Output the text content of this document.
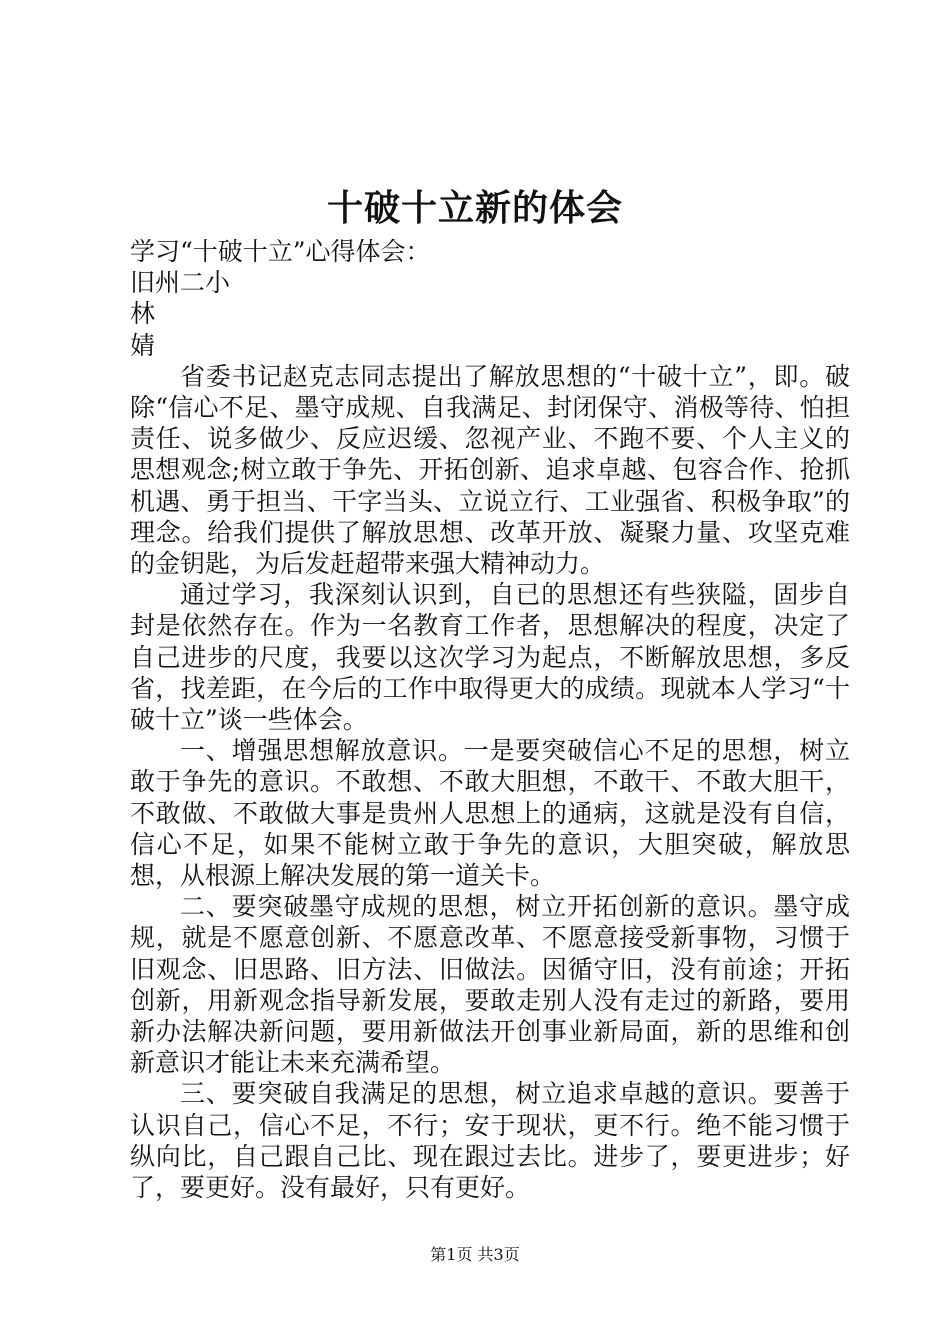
十破十立新的体会

学习“十破十立”心得体会：

旧州二小

林

婧

省委书记赵克志同志提出了解放思想的“十破十立”，即。破除“信心不足、墨守成规、自我满足、封闭保守、消极等待、怕担责任、说多做少、反应迟缓、忽视产业、不跑不要、个人主义的思想观念;树立敢于争先、开拓创新、追求卓越、包容合作、抢抓机遇、勇于担当、干字当头、立说立行、工业强省、积极争取”的理念。给我们提供了解放思想、改革开放、凝聚力量、攻坚克难的金钥匙，为后发赶超带来强大精神动力。

通过学习，我深刻认识到，自已的思想还有些狭隘，固步自封是依然存在。作为一名教育工作者，思想解决的程度，决定了自己进步的尺度，我要以这次学习为起点，不断解放思想，多反省，找差距，在今后的工作中取得更大的成绩。现就本人学习“十破十立”谈一些体会。

一、增强思想解放意识。一是要突破信心不足的思想，树立敢于争先的意识。不敢想、不敢大胆想，不敢干、不敢大胆干，不敢做、不敢做大事是贵州人思想上的通病，这就是没有自信，信心不足，如果不能树立敢于争先的意识，大胆突破，解放思想，从根源上解决发展的第一道关卡。

二、要突破墨守成规的思想，树立开拓创新的意识。墨守成规，就是不愿意创新、不愿意改革、不愿意接受新事物，习惯于旧观念、旧思路、旧方法、旧做法。因循守旧，没有前途；开拓创新，用新观念指导新发展，要敢走别人没有走过的新路，要用新办法解决新问题，要用新做法开创事业新局面，新的思维和创新意识才能让未来充满希望。

三、要突破自我满足的思想，树立追求卓越的意识。要善于认识自己，信心不足，不行；安于现状，更不行。绝不能习惯于纵向比，自己跟自己比、现在跟过去比。进步了，要更进步；好了，要更好。没有最好，只有更好。

第1页 共3页
